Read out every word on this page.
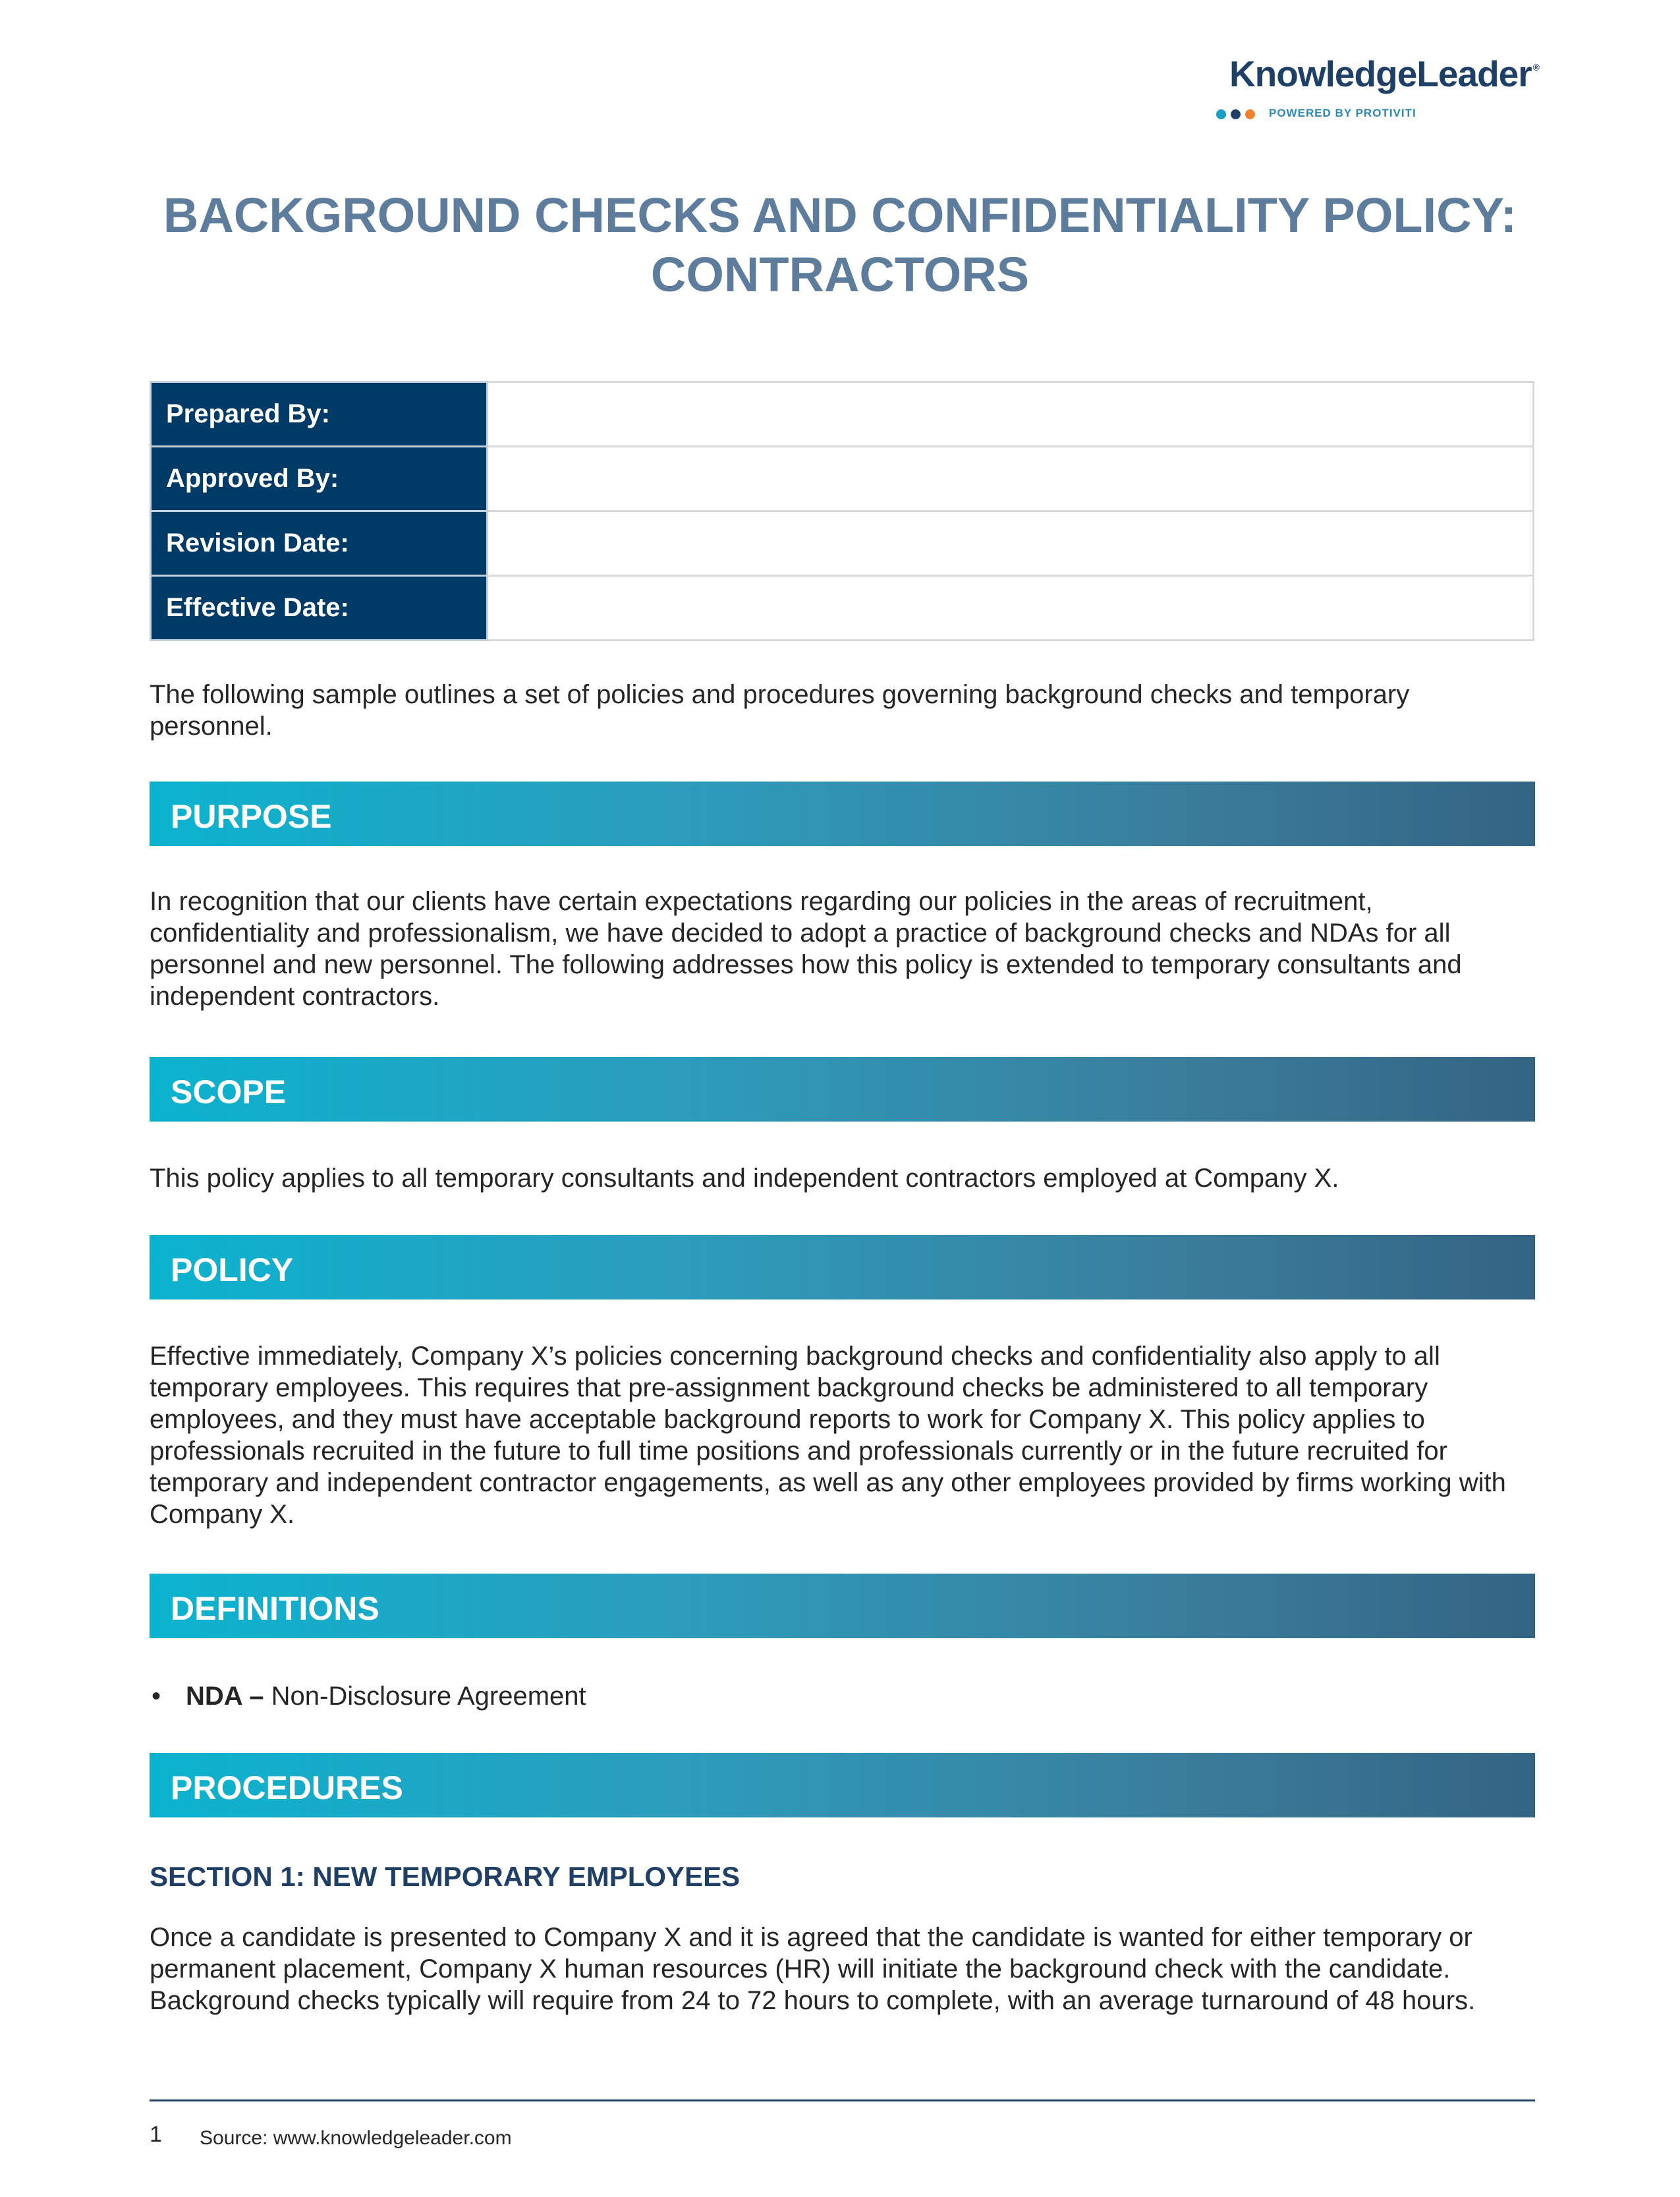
KnowledgeLeader ®
POWERED BY PROTIVITI
BACKGROUND CHECKS AND CONFIDENTIALITY POLICY:
CONTRACTORS
Prepared By:	
Approved By:	
Revision Date:	
Effective Date:	
The following sample outlines a set of policies and procedures governing background checks and temporary personnel.
PURPOSE
In recognition that our clients have certain expectations regarding our policies in the areas of recruitment, confidentiality and professionalism, we have decided to adopt a practice of background checks and NDAs for all personnel and new personnel. The following addresses how this policy is extended to temporary consultants and independent contractors.
SCOPE
This policy applies to all temporary consultants and independent contractors employed at Company X.
POLICY
Effective immediately, Company X’s policies concerning background checks and confidentiality also apply to all temporary employees. This requires that pre-assignment background checks be administered to all temporary employees, and they must have acceptable background reports to work for Company X. This policy applies to professionals recruited in the future to full time positions and professionals currently or in the future recruited for temporary and independent contractor engagements, as well as any other employees provided by firms working with Company X.
DEFINITIONS
• NDA – Non-Disclosure Agreement
PROCEDURES
SECTION 1: NEW TEMPORARY EMPLOYEES
Once a candidate is presented to Company X and it is agreed that the candidate is wanted for either temporary or permanent placement, Company X human resources (HR) will initiate the background check with the candidate. Background checks typically will require from 24 to 72 hours to complete, with an average turnaround of 48 hours.
1 Source: www.knowledgeleader.com
